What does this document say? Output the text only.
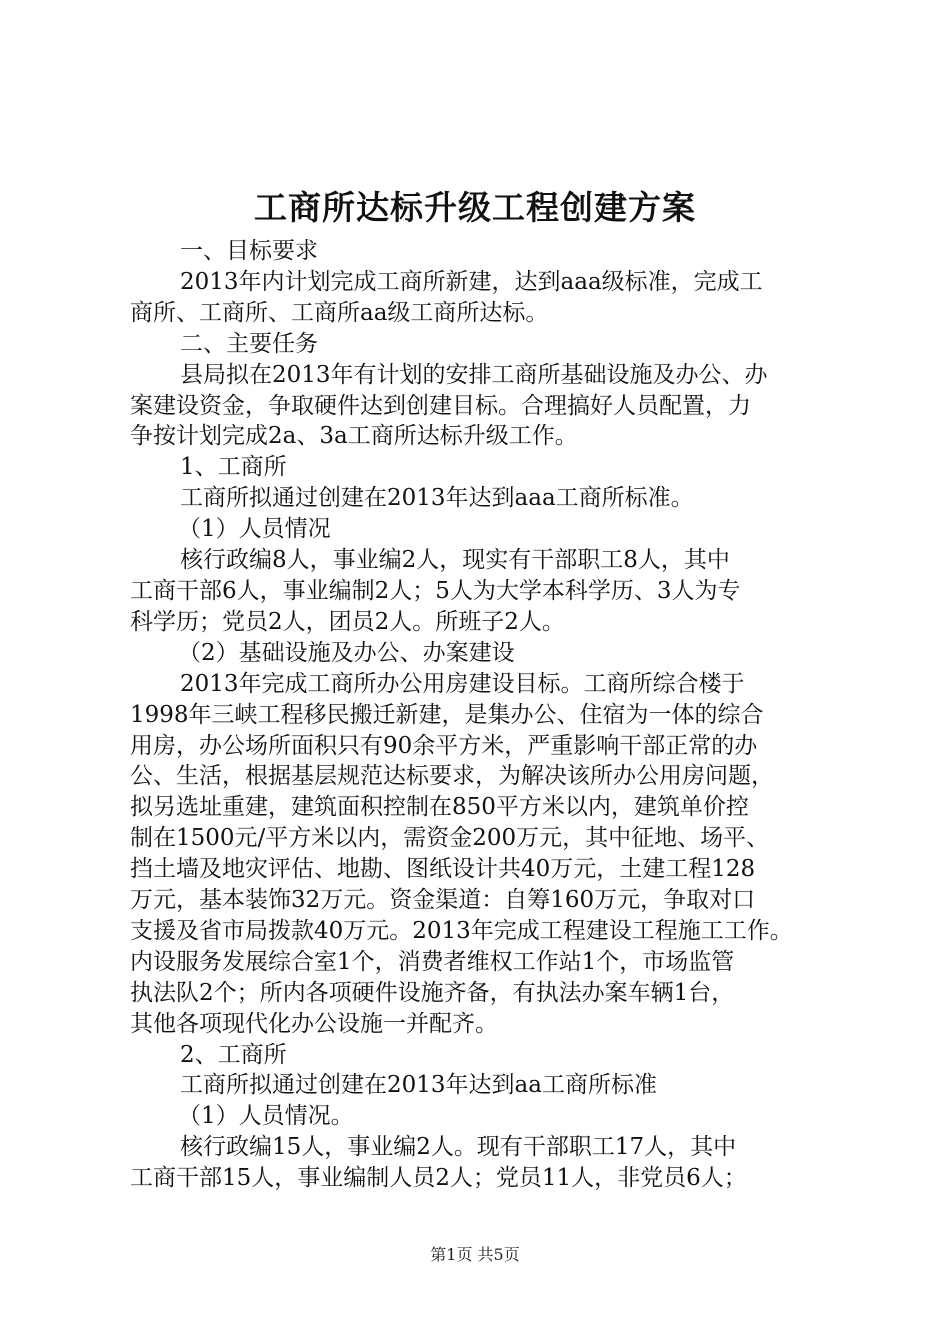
工商所达标升级工程创建方案
一、目标要求
2013年内计划完成工商所新建，达到aaa级标准，完成工
商所、工商所、工商所aa级工商所达标。
二、主要任务
县局拟在2013年有计划的安排工商所基础设施及办公、办
案建设资金，争取硬件达到创建目标。合理搞好人员配置，力
争按计划完成2a、3a工商所达标升级工作。
1、工商所
工商所拟通过创建在2013年达到aaa工商所标准。
（1）人员情况
核行政编8人，事业编2人，现实有干部职工8人，其中
工商干部6人，事业编制2人；5人为大学本科学历、3人为专
科学历；党员2人，团员2人。所班子2人。
（2）基础设施及办公、办案建设
2013年完成工商所办公用房建设目标。工商所综合楼于
1998年三峡工程移民搬迁新建，是集办公、住宿为一体的综合
用房，办公场所面积只有90余平方米，严重影响干部正常的办
公、生活，根据基层规范达标要求，为解决该所办公用房问题，
拟另选址重建，建筑面积控制在850平方米以内，建筑单价控
制在1500元/平方米以内，需资金200万元，其中征地、场平、
挡土墙及地灾评估、地勘、图纸设计共40万元，土建工程128
万元，基本装饰32万元。资金渠道：自筹160万元，争取对口
支援及省市局拨款40万元。2013年完成工程建设工程施工工作。
内设服务发展综合室1个，消费者维权工作站1个，市场监管
执法队2个；所内各项硬件设施齐备，有执法办案车辆1台，
其他各项现代化办公设施一并配齐。
2、工商所
工商所拟通过创建在2013年达到aa工商所标准
（1）人员情况。
核行政编15人，事业编2人。现有干部职工17人，其中
工商干部15人，事业编制人员2人；党员11人，非党员6人；
第1页 共5页
